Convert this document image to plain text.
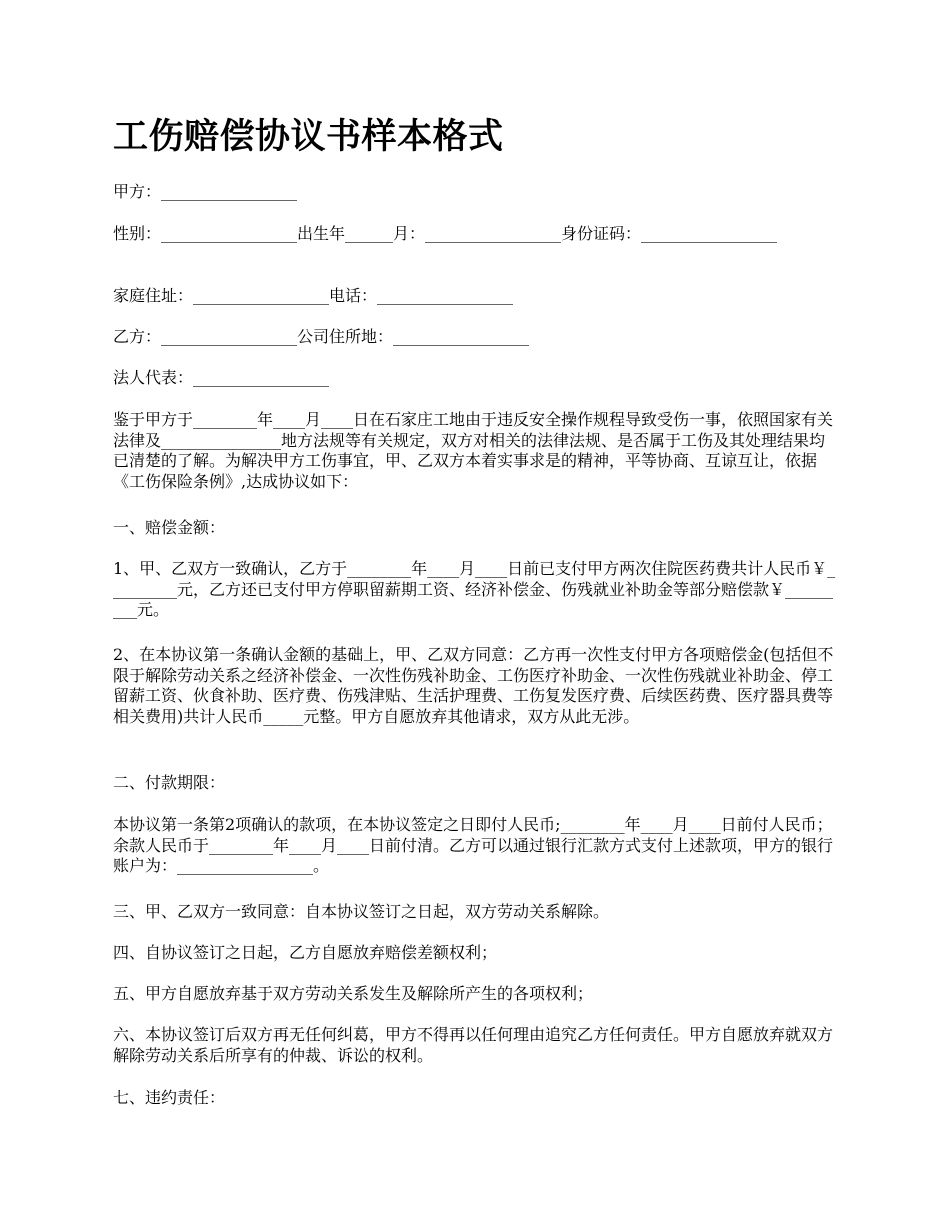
工伤赔偿协议书样本格式

甲方：_________________

性别：_________________出生年______月：_________________身份证码：_________________

家庭住址：_________________电话：_________________

乙方：_________________公司住所地：_________________

法人代表：_________________

鉴于甲方于________年____月____日在石家庄工地由于违反安全操作规程导致受伤一事，依照国家有关法律及_______________地方法规等有关规定，双方对相关的法律法规、是否属于工伤及其处理结果均已清楚的了解。为解决甲方工伤事宜，甲、乙双方本着实事求是的精神，平等协商、互谅互让，依据《工伤保险条例》,达成协议如下：

一、赔偿金额：

1、甲、乙双方一致确认，乙方于________年____月____日前已支付甲方两次住院医药费共计人民币￥_________元，乙方还已支付甲方停职留薪期工资、经济补偿金、伤残就业补助金等部分赔偿款￥_________元。

2、在本协议第一条确认金额的基础上，甲、乙双方同意：乙方再一次性支付甲方各项赔偿金(包括但不限于解除劳动关系之经济补偿金、一次性伤残补助金、工伤医疗补助金、一次性伤残就业补助金、停工留薪工资、伙食补助、医疗费、伤残津贴、生活护理费、工伤复发医疗费、后续医药费、医疗器具费等相关费用)共计人民币_____元整。甲方自愿放弃其他请求，双方从此无涉。

二、付款期限：

本协议第一条第2项确认的款项，在本协议签定之日即付人民币;________年____月____日前付人民币；余款人民币于________年____月____日前付清。乙方可以通过银行汇款方式支付上述款项，甲方的银行账户为：_________________。

三、甲、乙双方一致同意：自本协议签订之日起，双方劳动关系解除。

四、自协议签订之日起，乙方自愿放弃赔偿差额权利；

五、甲方自愿放弃基于双方劳动关系发生及解除所产生的各项权利；

六、本协议签订后双方再无任何纠葛，甲方不得再以任何理由追究乙方任何责任。甲方自愿放弃就双方解除劳动关系后所享有的仲裁、诉讼的权利。

七、违约责任：
